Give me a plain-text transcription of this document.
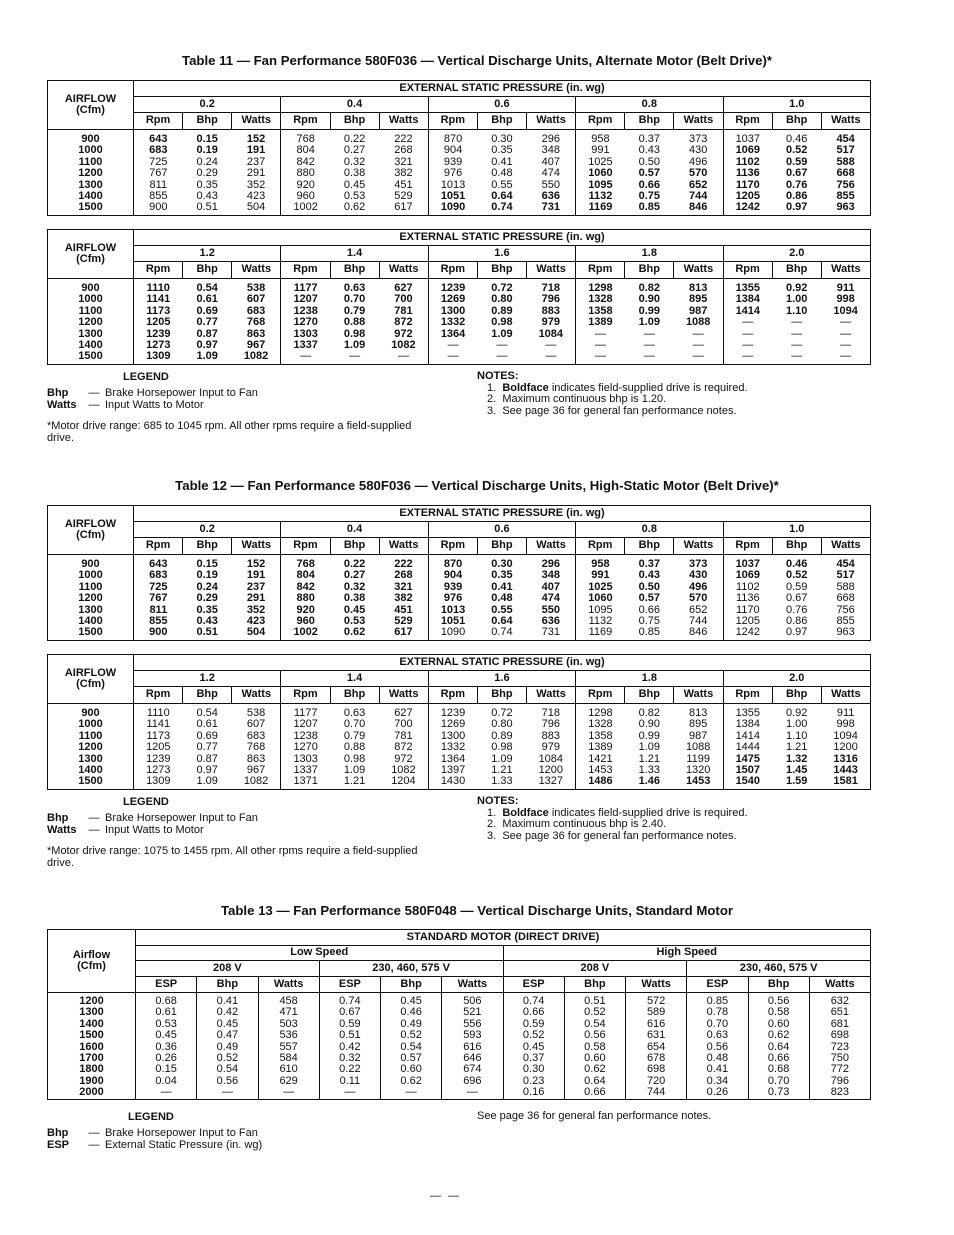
Table 11 — Fan Performance 580F036 — Vertical Discharge Units, Alternate Motor (Belt Drive)*
AIRFLOW
(Cfm)	EXTERNAL STATIC PRESSURE (in. wg)														
	0.2			0.4			0.6			0.8			1.0		
	Rpm	Bhp	Watts	Rpm	Bhp	Watts	Rpm	Bhp	Watts	Rpm	Bhp	Watts	Rpm	Bhp	Watts
900	643	0.15	152	768	0.22	222	870	0.30	296	958	0.37	373	1037	0.46	454
1000	683	0.19	191	804	0.27	268	904	0.35	348	991	0.43	430	1069	0.52	517
1100	725	0.24	237	842	0.32	321	939	0.41	407	1025	0.50	496	1102	0.59	588
1200	767	0.29	291	880	0.38	382	976	0.48	474	1060	0.57	570	1136	0.67	668
1300	811	0.35	352	920	0.45	451	1013	0.55	550	1095	0.66	652	1170	0.76	756
1400	855	0.43	423	960	0.53	529	1051	0.64	636	1132	0.75	744	1205	0.86	855
1500	900	0.51	504	1002	0.62	617	1090	0.74	731	1169	0.85	846	1242	0.97	963
AIRFLOW
(Cfm)	EXTERNAL STATIC PRESSURE (in. wg)														
	1.2			1.4			1.6			1.8			2.0		
	Rpm	Bhp	Watts	Rpm	Bhp	Watts	Rpm	Bhp	Watts	Rpm	Bhp	Watts	Rpm	Bhp	Watts
900	1110	0.54	538	1177	0.63	627	1239	0.72	718	1298	0.82	813	1355	0.92	911
1000	1141	0.61	607	1207	0.70	700	1269	0.80	796	1328	0.90	895	1384	1.00	998
1100	1173	0.69	683	1238	0.79	781	1300	0.89	883	1358	0.99	987	1414	1.10	1094
1200	1205	0.77	768	1270	0.88	872	1332	0.98	979	1389	1.09	1088	—	—	—
1300	1239	0.87	863	1303	0.98	972	1364	1.09	1084	—	—	—	—	—	—
1400	1273	0.97	967	1337	1.09	1082	—	—	—	—	—	—	—	—	—
1500	1309	1.09	1082	—	—	—	—	—	—	—	—	—	—	—	—
LEGEND
Bhp	— Brake Horsepower Input to Fan
Watts	— Input Watts to Motor
*Motor drive range: 685 to 1045 rpm. All other rpms require a field-supplied drive.
NOTES:
1. Boldface indicates field-supplied drive is required.
2. Maximum continuous bhp is 1.20.
3. See page 36 for general fan performance notes.
Table 12 — Fan Performance 580F036 — Vertical Discharge Units, High-Static Motor (Belt Drive)*
AIRFLOW
(Cfm)	EXTERNAL STATIC PRESSURE (in. wg)														
	0.2			0.4			0.6			0.8			1.0		
	Rpm	Bhp	Watts	Rpm	Bhp	Watts	Rpm	Bhp	Watts	Rpm	Bhp	Watts	Rpm	Bhp	Watts
900	643	0.15	152	768	0.22	222	870	0.30	296	958	0.37	373	1037	0.46	454
1000	683	0.19	191	804	0.27	268	904	0.35	348	991	0.43	430	1069	0.52	517
1100	725	0.24	237	842	0.32	321	939	0.41	407	1025	0.50	496	1102	0.59	588
1200	767	0.29	291	880	0.38	382	976	0.48	474	1060	0.57	570	1136	0.67	668
1300	811	0.35	352	920	0.45	451	1013	0.55	550	1095	0.66	652	1170	0.76	756
1400	855	0.43	423	960	0.53	529	1051	0.64	636	1132	0.75	744	1205	0.86	855
1500	900	0.51	504	1002	0.62	617	1090	0.74	731	1169	0.85	846	1242	0.97	963
AIRFLOW
(Cfm)	EXTERNAL STATIC PRESSURE (in. wg)														
	1.2			1.4			1.6			1.8			2.0		
	Rpm	Bhp	Watts	Rpm	Bhp	Watts	Rpm	Bhp	Watts	Rpm	Bhp	Watts	Rpm	Bhp	Watts
900	1110	0.54	538	1177	0.63	627	1239	0.72	718	1298	0.82	813	1355	0.92	911
1000	1141	0.61	607	1207	0.70	700	1269	0.80	796	1328	0.90	895	1384	1.00	998
1100	1173	0.69	683	1238	0.79	781	1300	0.89	883	1358	0.99	987	1414	1.10	1094
1200	1205	0.77	768	1270	0.88	872	1332	0.98	979	1389	1.09	1088	1444	1.21	1200
1300	1239	0.87	863	1303	0.98	972	1364	1.09	1084	1421	1.21	1199	1475	1.32	1316
1400	1273	0.97	967	1337	1.09	1082	1397	1.21	1200	1453	1.33	1320	1507	1.45	1443
1500	1309	1.09	1082	1371	1.21	1204	1430	1.33	1327	1486	1.46	1453	1540	1.59	1581
LEGEND
Bhp	— Brake Horsepower Input to Fan
Watts	— Input Watts to Motor
*Motor drive range: 1075 to 1455 rpm. All other rpms require a field-supplied drive.
NOTES:
1. Boldface indicates field-supplied drive is required.
2. Maximum continuous bhp is 2.40.
3. See page 36 for general fan performance notes.
Table 13 — Fan Performance 580F048 — Vertical Discharge Units, Standard Motor
Airflow
(Cfm)	STANDARD MOTOR (DIRECT DRIVE)											
	Low Speed						High Speed					
	208 V			230, 460, 575 V			208 V			230, 460, 575 V		
	ESP	Bhp	Watts	ESP	Bhp	Watts	ESP	Bhp	Watts	ESP	Bhp	Watts
1200	0.68	0.41	458	0.74	0.45	506	0.74	0.51	572	0.85	0.56	632
1300	0.61	0.42	471	0.67	0.46	521	0.66	0.52	589	0.78	0.58	651
1400	0.53	0.45	503	0.59	0.49	556	0.59	0.54	616	0.70	0.60	681
1500	0.45	0.47	536	0.51	0.52	593	0.52	0.56	631	0.63	0.62	698
1600	0.36	0.49	557	0.42	0.54	616	0.45	0.58	654	0.56	0.64	723
1700	0.26	0.52	584	0.32	0.57	646	0.37	0.60	678	0.48	0.66	750
1800	0.15	0.54	610	0.22	0.60	674	0.30	0.62	698	0.41	0.68	772
1900	0.04	0.56	629	0.11	0.62	696	0.23	0.64	720	0.34	0.70	796
2000	—	—	—	—	—	—	0.16	0.66	744	0.26	0.73	823
LEGEND
Bhp	— Brake Horsepower Input to Fan
ESP	— External Static Pressure (in. wg)
See page 36 for general fan performance notes.
— —
